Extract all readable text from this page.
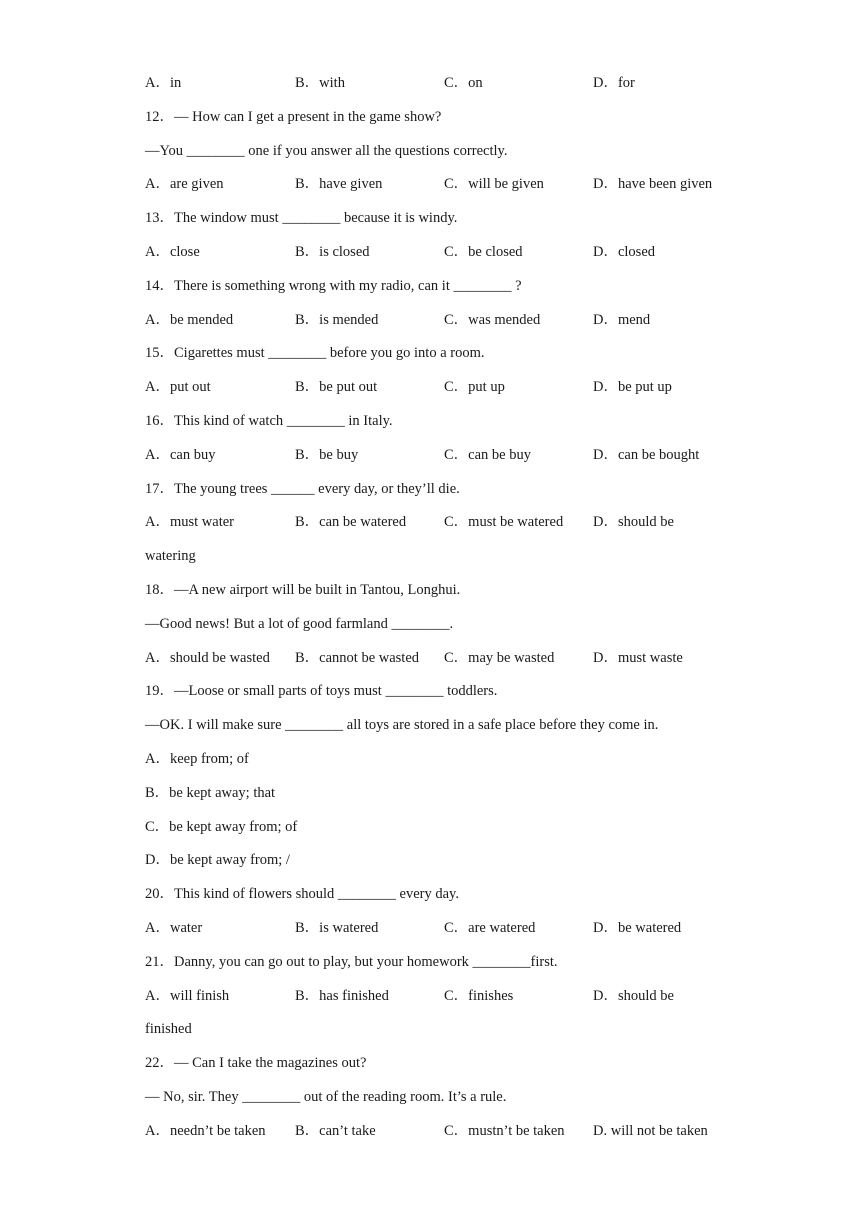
A．in	B．with	C．on	D．for
12．— How can I get a present in the game show?
—You ________ one if you answer all the questions correctly.
A．are given	B．have given	C．will be given	D．have been given
13．The window must ________ because it is windy.
A．close	B．is closed	C．be closed	D．closed
14．There is something wrong with my radio, can it ________ ?
A．be mended	B．is mended	C．was mended	D．mend
15．Cigarettes must ________ before you go into a room.
A．put out	B．be put out	C．put up	D．be put up
16．This kind of watch ________ in Italy.
A．can buy	B．be buy	C．can be buy	D．can be bought
17．The young trees ______ every day, or they’ll die.
A．must water	B．can be watered	C．must be watered D．should be
watering
18．—A new airport will be built in Tantou, Longhui.
—Good news! But a lot of good farmland ________.
A．should be wasted B．cannot be wasted C．may be wasted	D．must waste
19．—Loose or small parts of toys must ________ toddlers.
—OK. I will make sure ________ all toys are stored in a safe place before they come in.
A．keep from; of
B．be kept away; that
C．be kept away from; of
D．be kept away from; /
20．This kind of flowers should ________ every day.
A．water	B．is watered	C．are watered	D．be watered
21．Danny, you can go out to play, but your homework ________first.
A．will finish	B．has finished	C．finishes	D．should be
finished
22．— Can I take the magazines out?
— No, sir. They ________ out of the reading room. It’s a rule.
A．needn’t be taken B．can’t take	C．mustn’t be taken D. will not be taken
